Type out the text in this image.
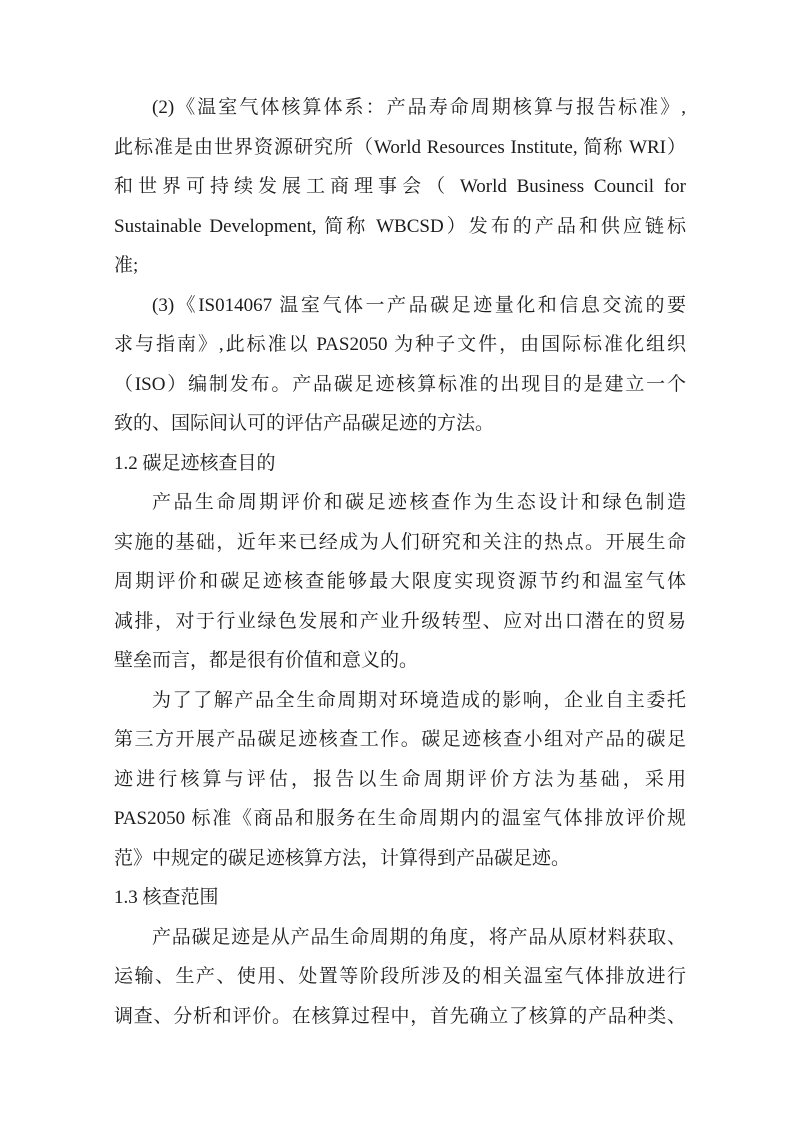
(2)《温室气体核算体系：产品寿命周期核算与报告标准》,
此标准是由世界资源研究所（World Resources Institute, 简称 WRI）
和世界可持续发展工商理事会（ World Business Council for
Sustainable Development, 简称 WBCSD）发布的产品和供应链标
准;
(3)《IS014067 温室气体一产品碳足迹量化和信息交流的要
求与指南》,此标准以 PAS2050 为种子文件，由国际标准化组织
（ISO）编制发布。产品碳足迹核算标准的出现目的是建立一个
致的、国际间认可的评估产品碳足迹的方法。
1.2 碳足迹核查目的
产品生命周期评价和碳足迹核查作为生态设计和绿色制造
实施的基础，近年来已经成为人们研究和关注的热点。开展生命
周期评价和碳足迹核查能够最大限度实现资源节约和温室气体
减排，对于行业绿色发展和产业升级转型、应对出口潜在的贸易
壁垒而言，都是很有价值和意义的。
为了了解产品全生命周期对环境造成的影响，企业自主委托
第三方开展产品碳足迹核查工作。碳足迹核查小组对产品的碳足
迹进行核算与评估，报告以生命周期评价方法为基础，采用
PAS2050 标准《商品和服务在生命周期内的温室气体排放评价规
范》中规定的碳足迹核算方法，计算得到产品碳足迹。
1.3 核查范围
产品碳足迹是从产品生命周期的角度，将产品从原材料获取、
运输、生产、使用、处置等阶段所涉及的相关温室气体排放进行
调查、分析和评价。在核算过程中，首先确立了核算的产品种类、
